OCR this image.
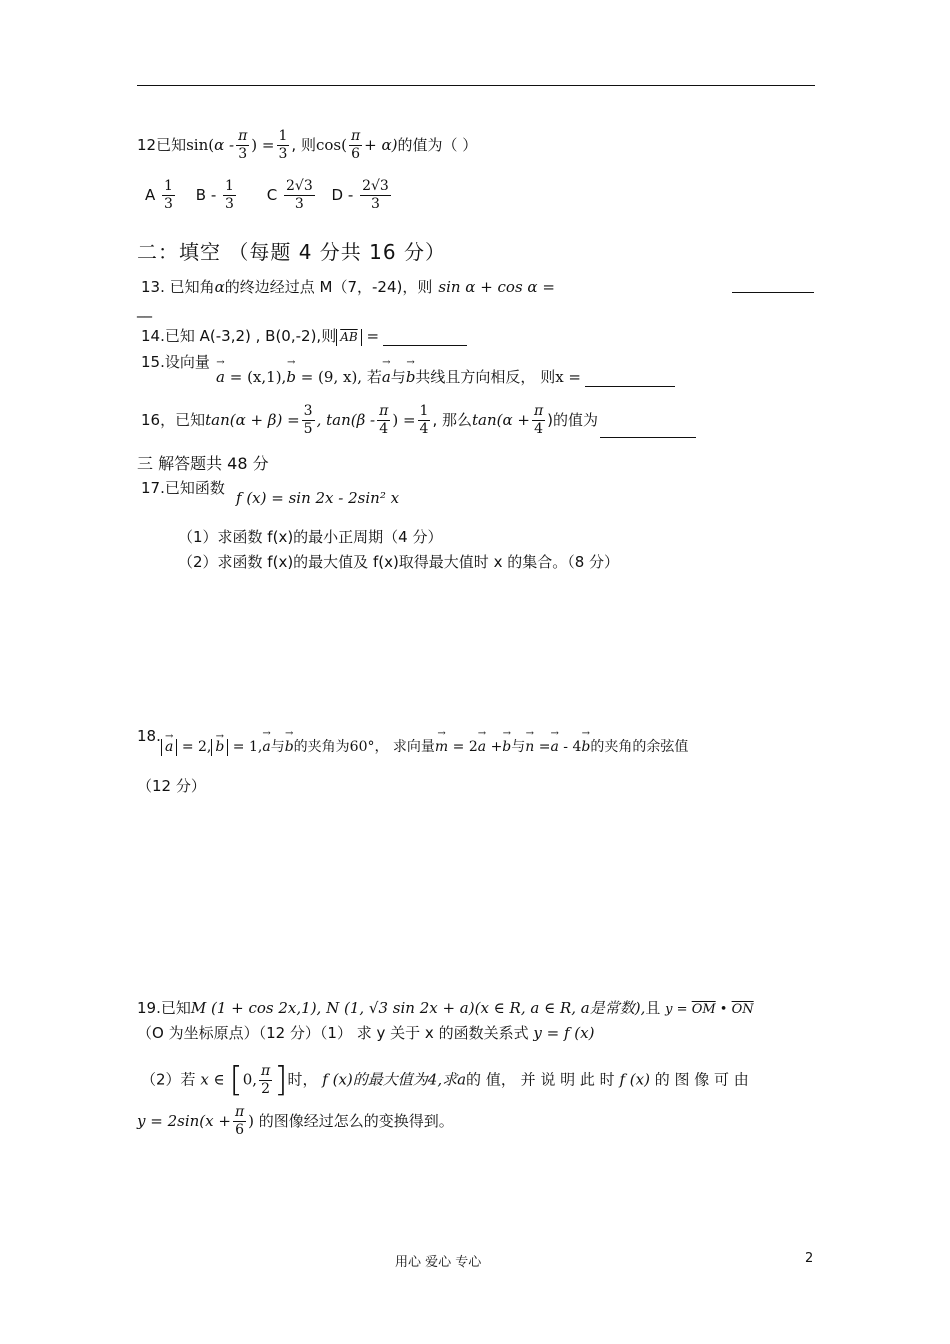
12已知$\sin(\alpha - \frac{\pi}{3}$ ) = $\frac{1}{3}$ , 则$\cos( \frac{\pi}{6} + \alpha)$的值为（ ）
A $\frac{1}{3}$ B - $\frac{1}{3}$ C $\frac{2√3}{3}$ D - $\frac{2√3}{3}$
二：填空 （每题 4 分共 16 分）
13. 已知角α的终边经过点 M（7，-24)，则 sin α + cos α =
__
14.已知 A(-3,2) , B(0,-2),则 $\overline{AB}$ =
15.设向量
a → = (x,1),b → = (9, x), 若a →与b →共线且方向相反， 则x =
16，已知$\tan(\alpha + \beta) = \frac{3}{5}$ , $\tan(\beta - \frac{\pi}{4}$ ) = $\frac{1}{4}$ , 那么$\tan(\alpha + \frac{\pi}{4}$ )的值为
三 解答题共 48 分
17.已知函数
f (x) = sin 2x - 2sin² x
（1）求函数 f(x)的最小正周期（4 分）
（2）求函数 f(x)的最大值及 f(x)取得最大值时 x 的集合。（8 分）
18.
a → = 2, b → = 1,a →与b →的夹角为60°， 求向量m → = 2a → +b →与n → =a → - 4b →的夹角的余弦值
（12 分）
19.已知M (1 + cos 2x,1), N (1, √3 sin 2x + a)(x ∈ R, a ∈ R, a是常数),且 $y = \overline{OM}$ • $\overline{ON}$
（O 为坐标原点）（12 分）（1） 求 y 关于 x 的函数关系式 y = f (x)
（2）若 x ∈ [0, $\frac{\pi}{2}$ ]时， f (x)的最大值为4,求a的 值， 并 说 明 此 时 f (x) 的 图 像 可 由
$y = 2\sin(x + \frac{\pi}{6}$ ) 的图像经过怎么的变换得到。
用心 爱心 专心	2
